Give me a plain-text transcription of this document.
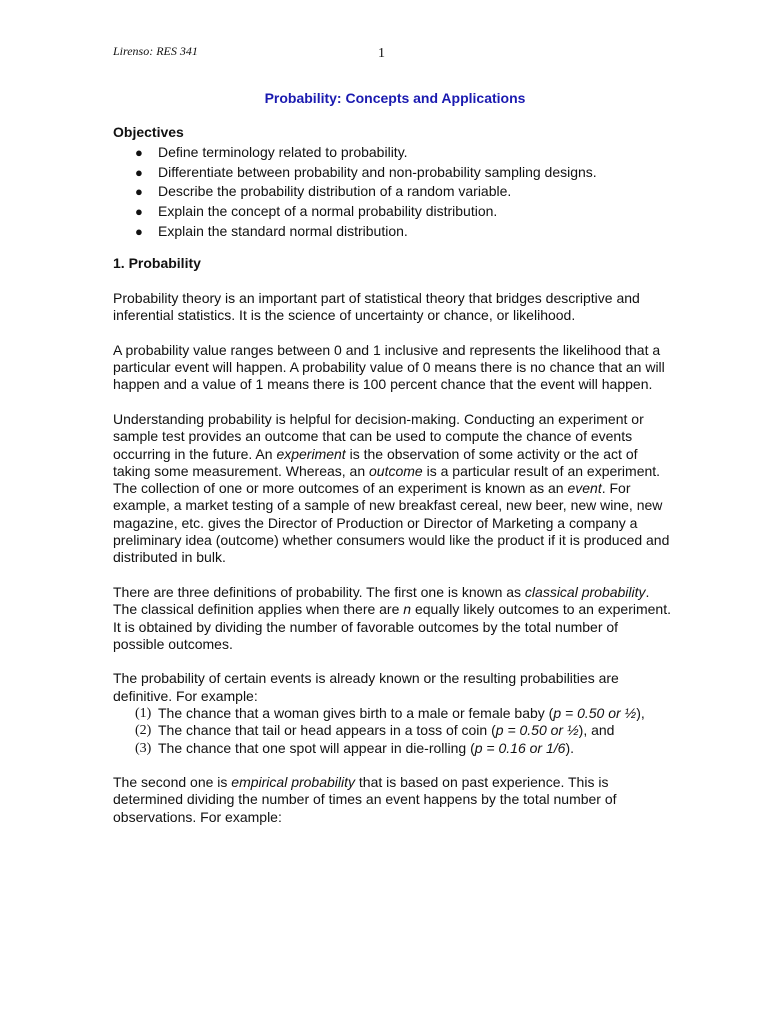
Lirenso: RES 341	1
Probability: Concepts and Applications
Objectives
● Define terminology related to probability.
● Differentiate between probability and non-probability sampling designs.
● Describe the probability distribution of a random variable.
● Explain the concept of a normal probability distribution.
● Explain the standard normal distribution.
1. Probability

Probability theory is an important part of statistical theory that bridges descriptive and inferential statistics. It is the science of uncertainty or chance, or likelihood.

A probability value ranges between 0 and 1 inclusive and represents the likelihood that a particular event will happen. A probability value of 0 means there is no chance that an will happen and a value of 1 means there is 100 percent chance that the event will happen.

Understanding probability is helpful for decision-making. Conducting an experiment or sample test provides an outcome that can be used to compute the chance of events occurring in the future. An experiment is the observation of some activity or the act of taking some measurement. Whereas, an outcome is a particular result of an experiment. The collection of one or more outcomes of an experiment is known as an event. For example, a market testing of a sample of new breakfast cereal, new beer, new wine, new magazine, etc. gives the Director of Production or Director of Marketing a company a preliminary idea (outcome) whether consumers would like the product if it is produced and distributed in bulk.

There are three definitions of probability. The first one is known as classical probability. The classical definition applies when there are n equally likely outcomes to an experiment. It is obtained by dividing the number of favorable outcomes by the total number of possible outcomes.

The probability of certain events is already known or the resulting probabilities are definitive. For example:

(1) The chance that a woman gives birth to a male or female baby (p = 0.50 or ½),
(2) The chance that tail or head appears in a toss of coin (p = 0.50 or ½), and
(3) The chance that one spot will appear in die-rolling (p = 0.16 or 1/6).

The second one is empirical probability that is based on past experience. This is determined dividing the number of times an event happens by the total number of observations. For example:
